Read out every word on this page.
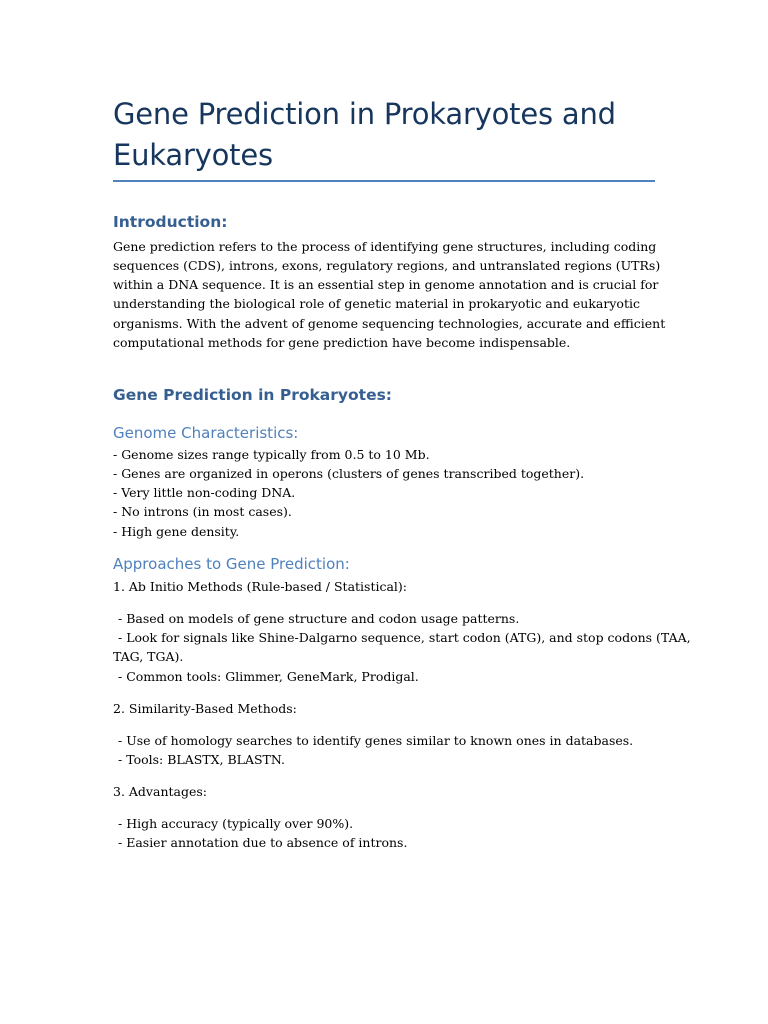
Gene Prediction in Prokaryotes and Eukaryotes
Introduction:

Gene prediction refers to the process of identifying gene structures, including coding

sequences (CDS), introns, exons, regulatory regions, and untranslated regions (UTRs)

within a DNA sequence. It is an essential step in genome annotation and is crucial for

understanding the biological role of genetic material in prokaryotic and eukaryotic

organisms. With the advent of genome sequencing technologies, accurate and efficient

computational methods for gene prediction have become indispensable.

Gene Prediction in Prokaryotes:
Genome Characteristics:

- Genome sizes range typically from 0.5 to 10 Mb.

- Genes are organized in operons (clusters of genes transcribed together).

- Very little non-coding DNA.

- No introns (in most cases).

- High gene density.

Approaches to Gene Prediction:

1. Ab Initio Methods (Rule-based / Statistical):

- Based on models of gene structure and codon usage patterns.

- Look for signals like Shine-Dalgarno sequence, start codon (ATG), and stop codons (TAA,

TAG, TGA).

- Common tools: Glimmer, GeneMark, Prodigal.

2. Similarity-Based Methods:

- Use of homology searches to identify genes similar to known ones in databases.

- Tools: BLASTX, BLASTN.

3. Advantages:

- High accuracy (typically over 90%).

- Easier annotation due to absence of introns.
